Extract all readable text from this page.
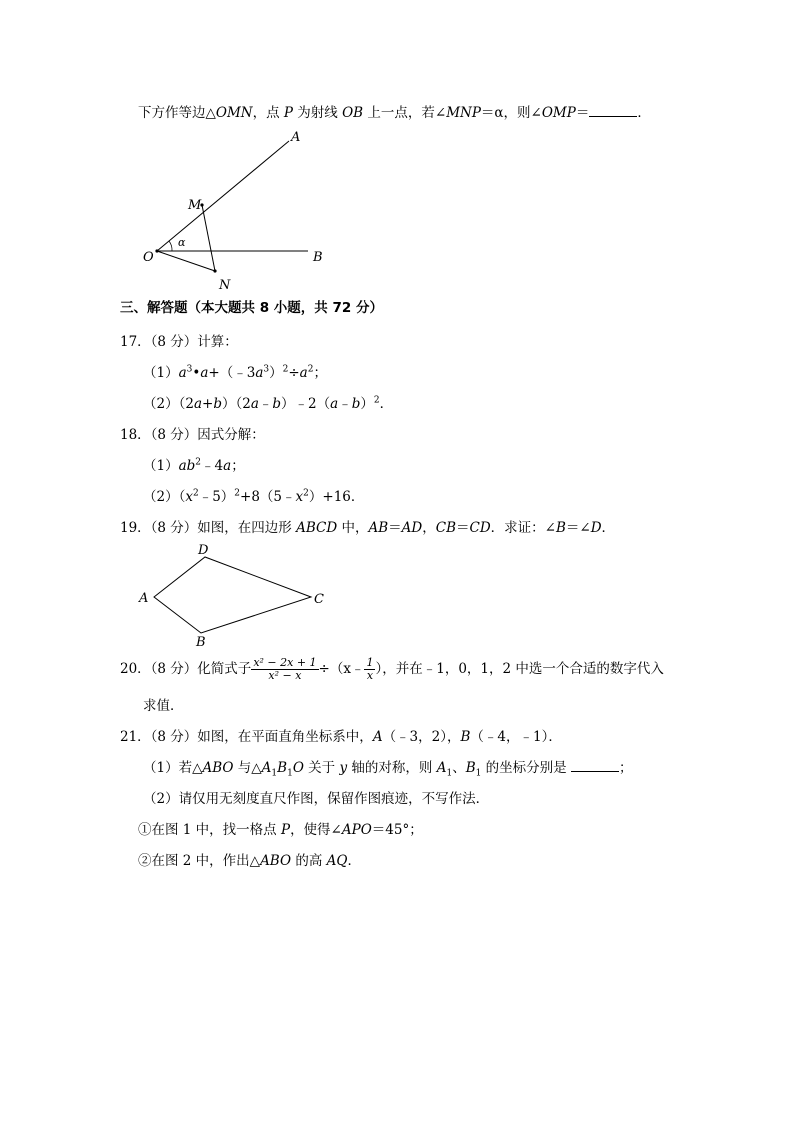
下方作等边△OMN，点 P 为射线 OB 上一点，若∠MNP＝α，则∠OMP＝	．
A
M
O	B
N
α
三、解答题（本大题共 8 小题，共 72 分）
17．（8 分）计算：
$(1)a^3•a+(﹣3a^3)^2\div a^2$；
（2）（2a+b）（2a﹣b）﹣2（a﹣b）$^2$．
18．（8 分）因式分解：
$(1)ab^2﹣4a$；
$(2)(x^2﹣5)^2+8(5﹣x^2)+16$．
19．（8 分）如图，在四边形 ABCD 中，AB＝AD，CB＝CD．求证：∠B＝∠D．
A
D
C
B
20．（8 分）化简式子 $\frac{\text{x² − 2x + 1}}{\text{x² − x}}$ ÷（x﹣ $\frac{1}{x}$ ），并在﹣1，0，1，2 中选一个合适的数字代入
求值．
21．（8 分）如图，在平面直角坐标系中，A（﹣3，2），B（﹣4，﹣1）．
（1）若△ABO 与$\triangle A_1B_1O$ 关于 y 轴的对称，则 $A_1$、$B_1$ 的坐标分别是	；
（2）请仅用无刻度直尺作图，保留作图痕迹，不写作法．
①在图 1 中，找一格点 P，使得∠APO＝45°；
②在图 2 中，作出△ABO 的高 AQ．
